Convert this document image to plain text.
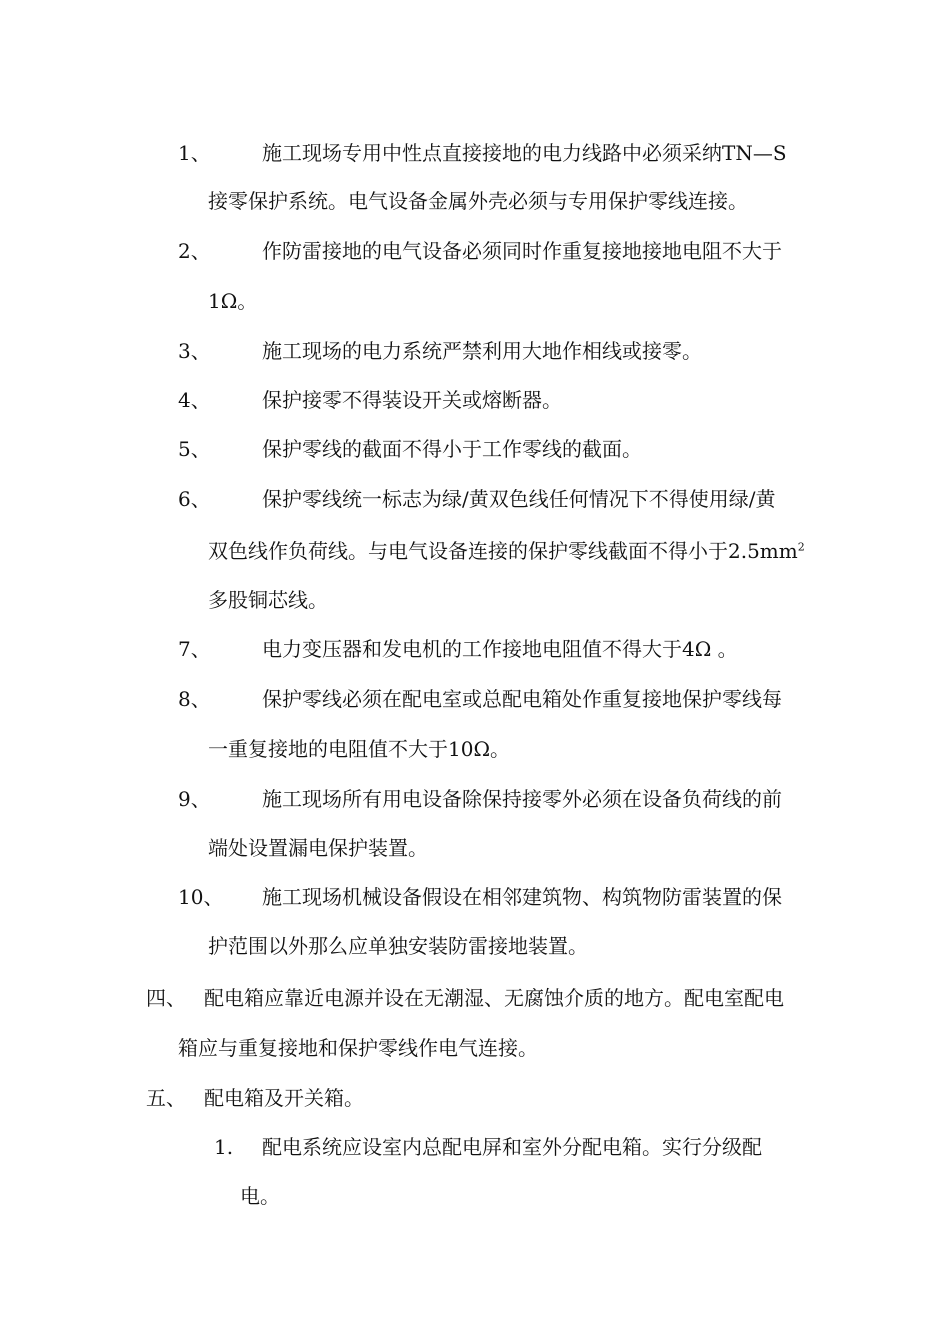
1、	施工现场专用中性点直接接地的电力线路中必须采纳TN—S
接零保护系统。电气设备金属外壳必须与专用保护零线连接。
2、	作防雷接地的电气设备必须同时作重复接地接地电阻不大于
1Ω。
3、	施工现场的电力系统严禁利用大地作相线或接零。
4、	保护接零不得装设开关或熔断器。
5、	保护零线的截面不得小于工作零线的截面。
6、	保护零线统一标志为绿/黄双色线任何情况下不得使用绿/黄
双色线作负荷线。与电气设备连接的保护零线截面不得小于$2.5mm^2$
多股铜芯线。
7、	电力变压器和发电机的工作接地电阻值不得大于4Ω 。
8、	保护零线必须在配电室或总配电箱处作重复接地保护零线每
一重复接地的电阻值不大于10Ω。
9、	施工现场所有用电设备除保持接零外必须在设备负荷线的前
端处设置漏电保护装置。
10、 施工现场机械设备假设在相邻建筑物、构筑物防雷装置的保
护范围以外那么应单独安装防雷接地装置。
四、 配电箱应靠近电源并设在无潮湿、无腐蚀介质的地方。配电室配电
箱应与重复接地和保护零线作电气连接。
五、 配电箱及开关箱。
1. 配电系统应设室内总配电屏和室外分配电箱。实行分级配
电。
